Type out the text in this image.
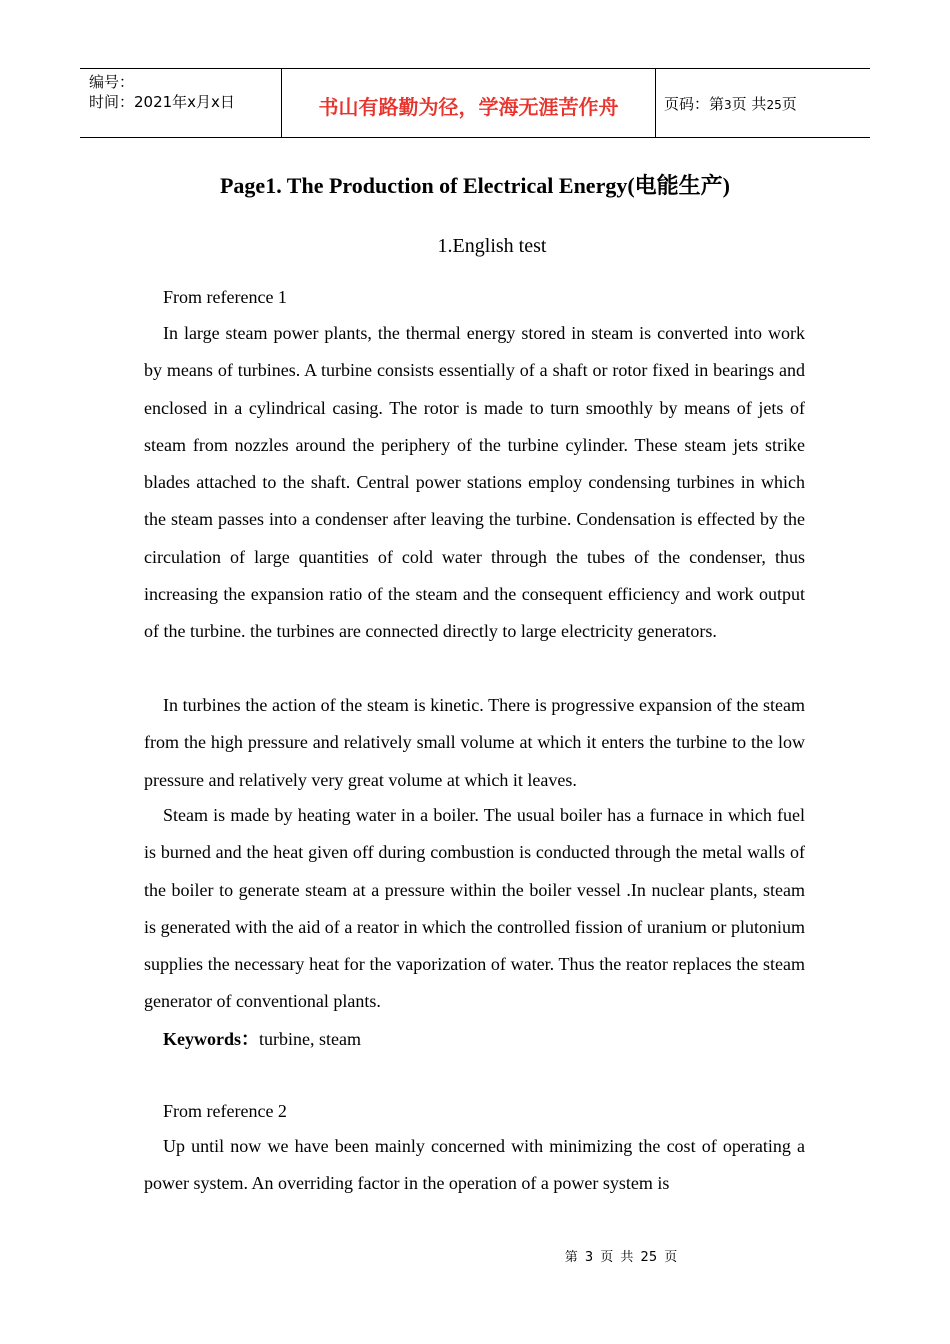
编号：
时间：2021年x月x日	书山有路勤为径，学海无涯苦作舟	页码：第3页 共25页
Page1. The Production of Electrical Energy(电能生产)
1.English test

From reference 1

In large steam power plants, the thermal energy stored in steam is converted into work by means of turbines. A turbine consists essentially of a shaft or rotor fixed in bearings and enclosed in a cylindrical casing. The rotor is made to turn smoothly by means of jets of steam from nozzles around the periphery of the turbine cylinder. These steam jets strike blades attached to the shaft. Central power stations employ condensing turbines in which the steam passes into a condenser after leaving the turbine. Condensation is effected by the circulation of large quantities of cold water through the tubes of the condenser, thus increasing the expansion ratio of the steam and the consequent efficiency and work output of the turbine. the turbines are connected directly to large electricity generators.

In turbines the action of the steam is kinetic. There is progressive expansion of the steam from the high pressure and relatively small volume at which it enters the turbine to the low pressure and relatively very great volume at which it leaves.

Steam is made by heating water in a boiler. The usual boiler has a furnace in which fuel is burned and the heat given off during combustion is conducted through the metal walls of the boiler to generate steam at a pressure within the boiler vessel .In nuclear plants, steam is generated with the aid of a reator in which the controlled fission of uranium or plutonium supplies the necessary heat for the vaporization of water. Thus the reator replaces the steam generator of conventional plants.

Keywords：turbine, steam

From reference 2

Up until now we have been mainly concerned with minimizing the cost of operating a power system. An overriding factor in the operation of a power system is

第 3 页 共 25 页
